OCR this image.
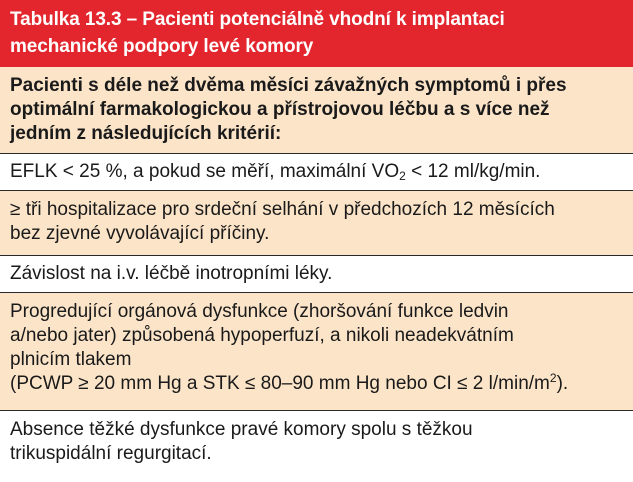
Tabulka 13.3 – Pacienti potenciálně vhodní k implantaci
mechanické podpory levé komory
Pacienti s déle než dvěma měsíci závažných symptomů i přes
optimální farmakologickou a přístrojovou léčbu a s více než
jedním z následujících kritérií:
EFLK < 25 %, a pokud se měří, maximální $VO_2 < 12$ ml/kg/min.
≥ tři hospitalizace pro srdeční selhání v předchozích 12 měsících
bez zjevné vyvolávající příčiny.
Závislost na i.v. léčbě inotropními léky.
Progredující orgánová dysfunkce (zhoršování funkce ledvin
a/nebo jater) způsobená hypoperfuzí, a nikoli neadekvátním
plnicím tlakem
(PCWP ≥ 20 mm Hg a STK ≤ 80–90 mm Hg nebo CI ≤ 2 $l/\min/m^2$).
Absence těžké dysfunkce pravé komory spolu s těžkou
trikuspidální regurgitací.
